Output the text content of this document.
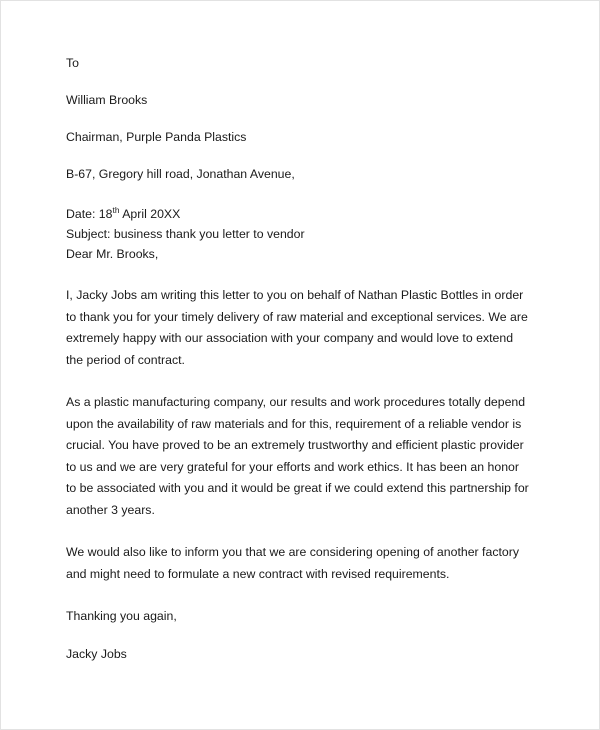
To

William Brooks

Chairman, Purple Panda Plastics

B-67, Gregory hill road, Jonathan Avenue,

Date: 18th April 20XX

Subject: business thank you letter to vendor

Dear Mr. Brooks,

I, Jacky Jobs am writing this letter to you on behalf of Nathan Plastic Bottles in order to thank you for your timely delivery of raw material and exceptional services. We are extremely happy with our association with your company and would love to extend the period of contract.

As a plastic manufacturing company, our results and work procedures totally depend upon the availability of raw materials and for this, requirement of a reliable vendor is crucial. You have proved to be an extremely trustworthy and efficient plastic provider to us and we are very grateful for your efforts and work ethics. It has been an honor to be associated with you and it would be great if we could extend this partnership for another 3 years.

We would also like to inform you that we are considering opening of another factory and might need to formulate a new contract with revised requirements.

Thanking you again,

Jacky Jobs
